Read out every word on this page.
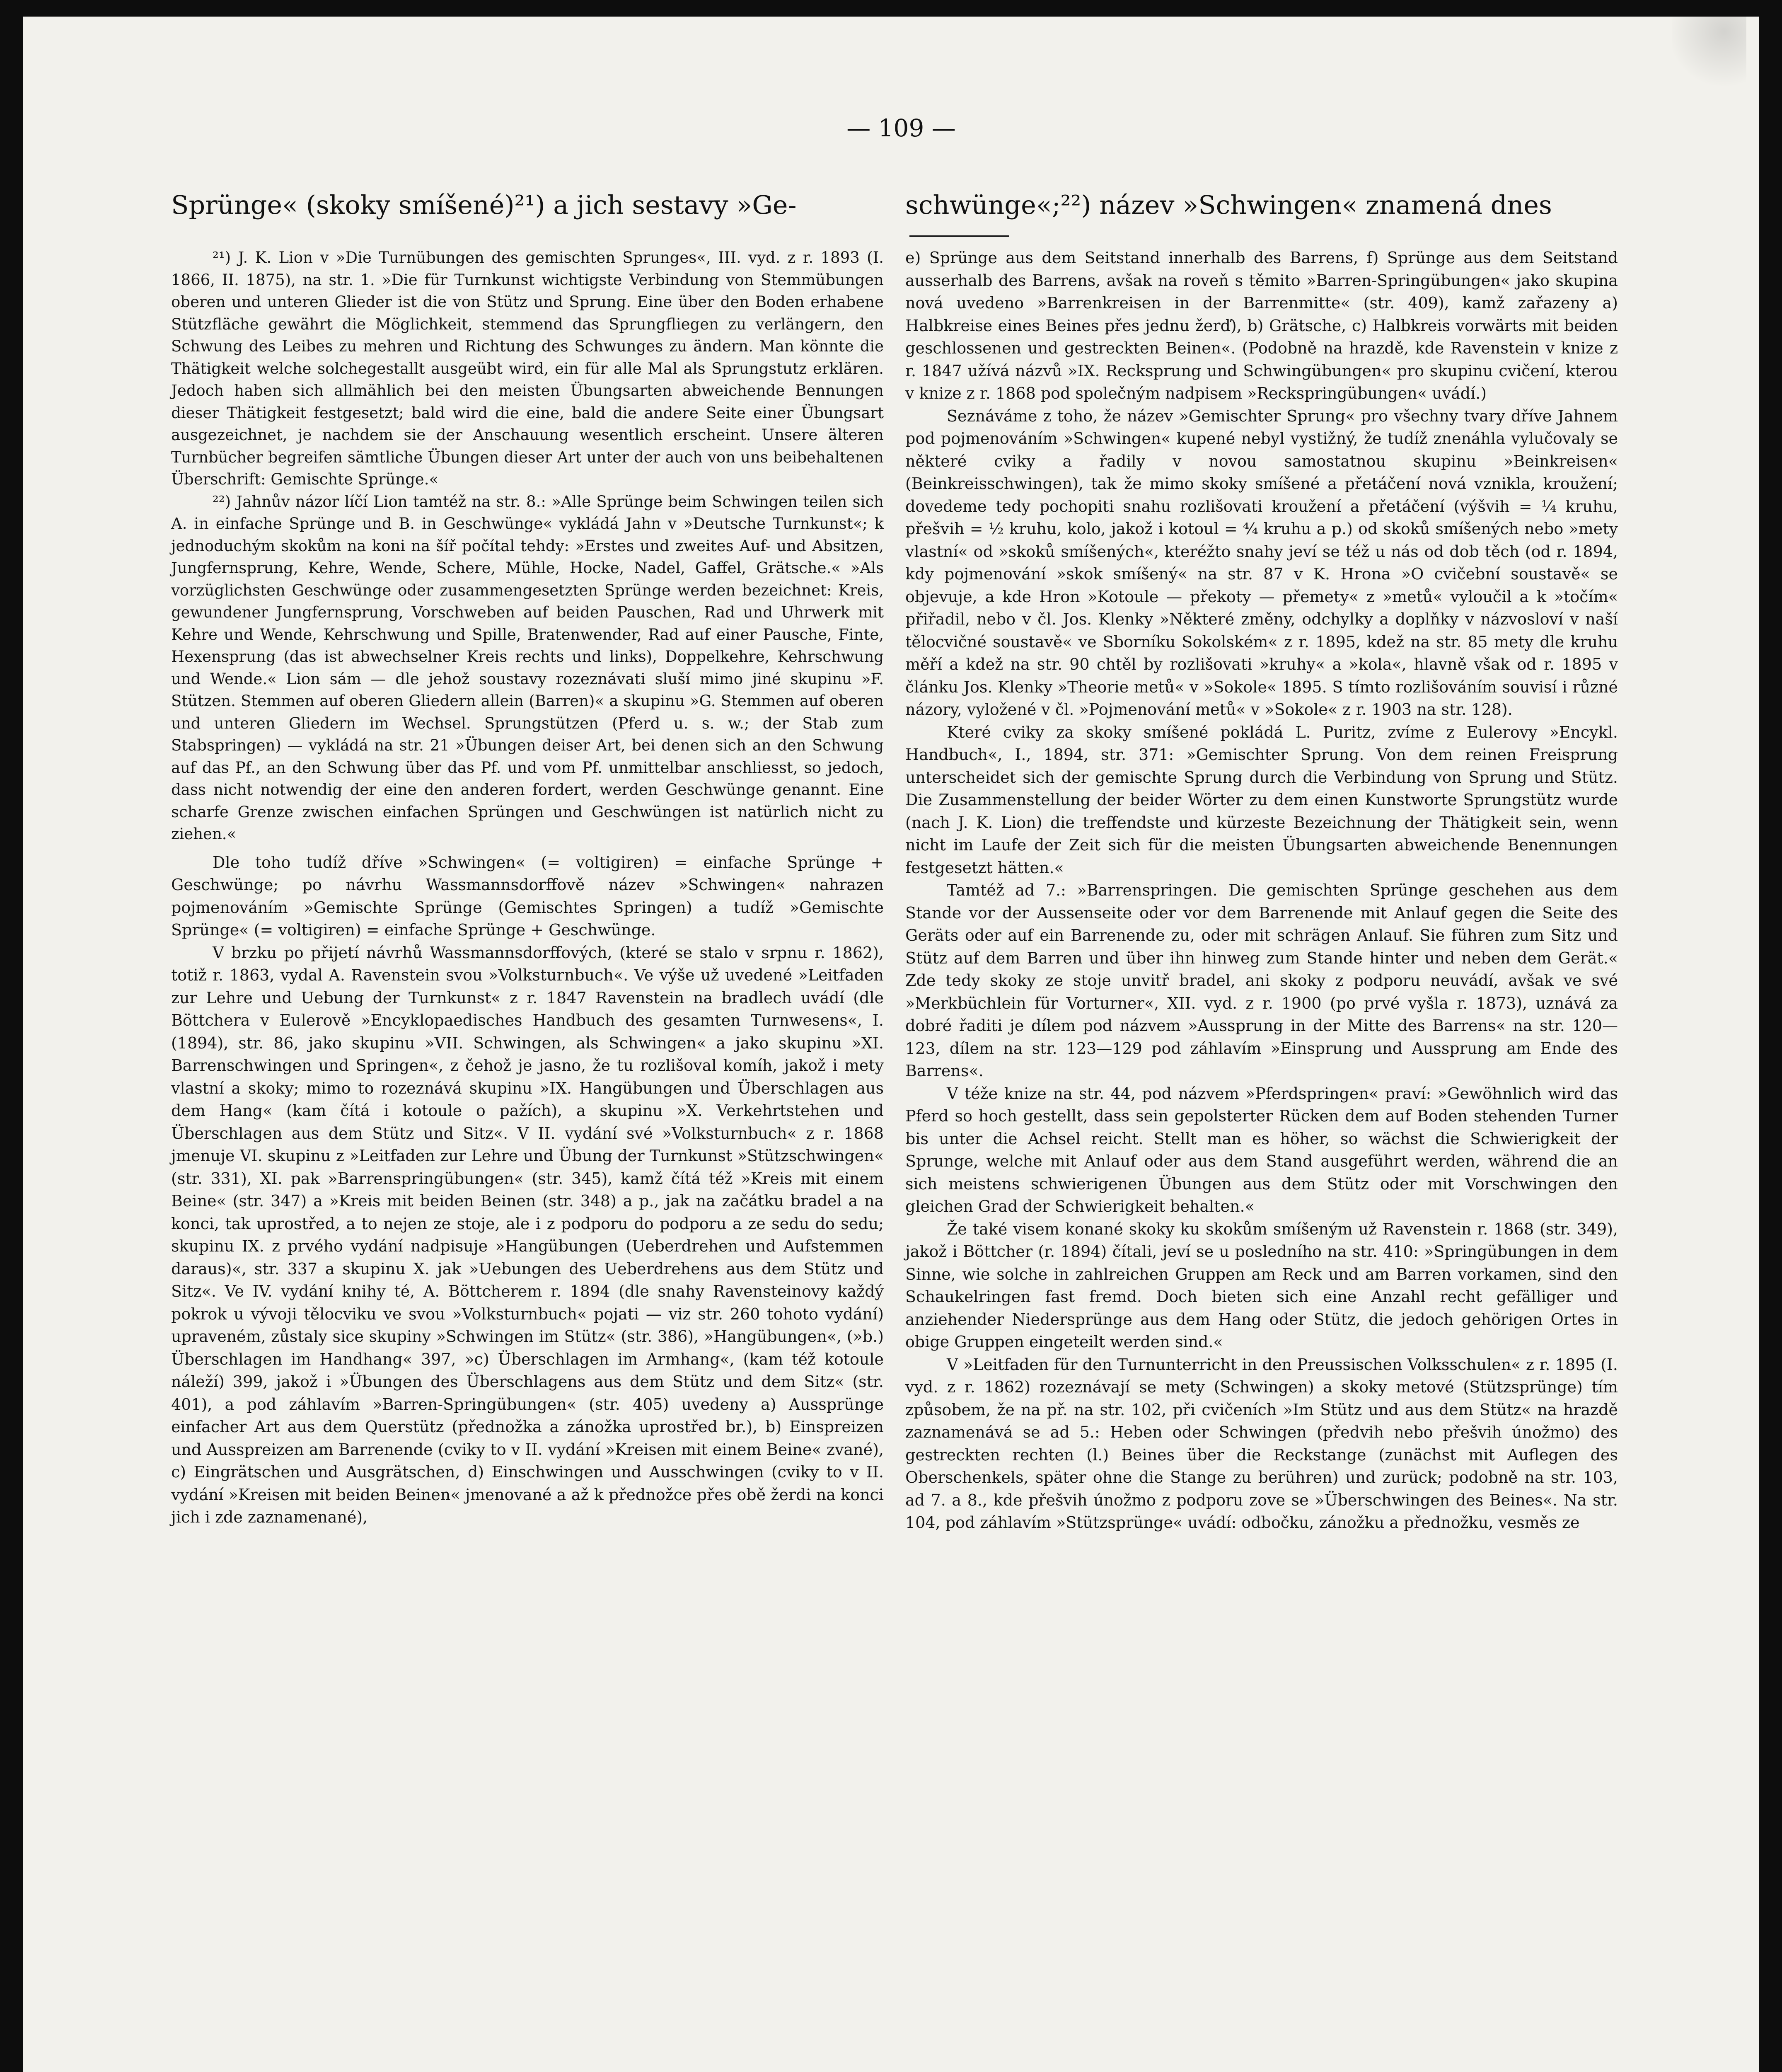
— 109 —
Sprünge« (skoky smíšené)²¹) a jich sestavy »Ge-	schwünge«;²²) název »Schwingen« znamená dnes

²¹) J. K. Lion v »Die Turnübungen des gemischten Sprunges«, III. vyd. z r. 1893 (I. 1866, II. 1875), na str. 1. »Die für Turnkunst wichtigste Verbindung von Stemmübungen oberen und unteren Glieder ist die von Stütz und Sprung. Eine über den Boden erhabene Stützfläche gewährt die Möglichkeit, stemmend das Sprungfliegen zu verlängern, den Schwung des Leibes zu mehren und Richtung des Schwunges zu ändern. Man könnte die Thätigkeit welche solchegestallt ausgeübt wird, ein für alle Mal als Sprungstutz erklären. Jedoch haben sich allmählich bei den meisten Übungsarten abweichende Bennungen dieser Thätigkeit festgesetzt; bald wird die eine, bald die andere Seite einer Übungsart ausgezeichnet, je nachdem sie der Anschauung wesentlich erscheint. Unsere älteren Turnbücher begreifen sämtliche Übungen dieser Art unter der auch von uns beibehaltenen Überschrift: Gemischte Sprünge.«

²²) Jahnův názor líčí Lion tamtéž na str. 8.: »Alle Sprünge beim Schwingen teilen sich A. in einfache Sprünge und B. in Geschwünge« vykládá Jahn v »Deutsche Turnkunst«; k jednoduchým skokům na koni na šíř počítal tehdy: »Erstes und zweites Auf- und Absitzen, Jungfernsprung, Kehre, Wende, Schere, Mühle, Hocke, Nadel, Gaffel, Grätsche.« »Als vorzüglichsten Geschwünge oder zusammengesetzten Sprünge werden bezeichnet: Kreis, gewundener Jungfernsprung, Vorschweben auf beiden Pauschen, Rad und Uhrwerk mit Kehre und Wende, Kehrschwung und Spille, Bratenwender, Rad auf einer Pausche, Finte, Hexensprung (das ist abwechselner Kreis rechts und links), Doppelkehre, Kehrschwung und Wende.« Lion sám — dle jehož soustavy rozeznávati sluší mimo jiné skupinu »F. Stützen. Stemmen auf oberen Gliedern allein (Barren)« a skupinu »G. Stemmen auf oberen und unteren Gliedern im Wechsel. Sprungstützen (Pferd u. s. w.; der Stab zum Stabspringen) — vykládá na str. 21 »Übungen deiser Art, bei denen sich an den Schwung auf das Pf., an den Schwung über das Pf. und vom Pf. unmittelbar anschliesst, so jedoch, dass nicht notwendig der eine den anderen fordert, werden Geschwünge genannt. Eine scharfe Grenze zwischen einfachen Sprüngen und Geschwüngen ist natürlich nicht zu ziehen.«

Dle toho tudíž dříve »Schwingen« (= voltigiren) = einfache Sprünge + Geschwünge; po návrhu Wassmannsdorffově název »Schwingen« nahrazen pojmenováním »Gemischte Sprünge (Gemischtes Springen) a tudíž »Gemischte Sprünge« (= voltigiren) = einfache Sprünge + Geschwünge.

V brzku po přijetí návrhů Wassmannsdorffových, (které se stalo v srpnu r. 1862), totiž r. 1863, vydal A. Ravenstein svou »Volksturnbuch«. Ve výše už uvedené »Leitfaden zur Lehre und Uebung der Turnkunst« z r. 1847 Ravenstein na bradlech uvádí (dle Böttchera v Eulerově »Encyklopaedisches Handbuch des gesamten Turnwesens«, I. (1894), str. 86, jako skupinu »VII. Schwingen, als Schwingen« a jako skupinu »XI. Barrenschwingen und Springen«, z čehož je jasno, že tu rozlišoval komíh, jakož i mety vlastní a skoky; mimo to rozeznává skupinu »IX. Hangübungen und Überschlagen aus dem Hang« (kam čítá i kotoule o pažích), a skupinu »X. Verkehrtstehen und Überschlagen aus dem Stütz und Sitz«. V II. vydání své »Volksturnbuch« z r. 1868 jmenuje VI. skupinu z »Leitfaden zur Lehre und Übung der Turnkunst »Stützschwingen« (str. 331), XI. pak »Barrenspringübungen« (str. 345), kamž čítá též »Kreis mit einem Beine« (str. 347) a »Kreis mit beiden Beinen (str. 348) a p., jak na začátku bradel a na konci, tak uprostřed, a to nejen ze stoje, ale i z podporu do podporu a ze sedu do sedu; skupinu IX. z prvého vydání nadpisuje »Hangübungen (Ueberdrehen und Aufstemmen daraus)«, str. 337 a skupinu X. jak »Uebungen des Ueberdrehens aus dem Stütz und Sitz«. Ve IV. vydání knihy té, A. Böttcherem r. 1894 (dle snahy Ravensteinovy každý pokrok u vývoji tělocviku ve svou »Volksturnbuch« pojati — viz str. 260 tohoto vydání) upraveném, zůstaly sice skupiny »Schwingen im Stütz« (str. 386), »Hangübungen«, (»b.) Überschlagen im Handhang« 397, »c) Überschlagen im Armhang«, (kam též kotoule náleží) 399, jakož i »Übungen des Überschlagens aus dem Stütz und dem Sitz« (str. 401), a pod záhlavím »Barren-Springübungen« (str. 405) uvedeny a) Aussprünge einfacher Art aus dem Querstütz (přednožka a zánožka uprostřed br.), b) Einspreizen und Ausspreizen am Barrenende (cviky to v II. vydání »Kreisen mit einem Beine« zvané), c) Eingrätschen und Ausgrätschen, d) Einschwingen und Ausschwingen (cviky to v II. vydání »Kreisen mit beiden Beinen« jmenované a až k přednožce přes obě žerdi na konci jich i zde zaznamenané),

e) Sprünge aus dem Seitstand innerhalb des Barrens, f) Sprünge aus dem Seitstand ausserhalb des Barrens, avšak na roveň s těmito »Barren-Springübungen« jako skupina nová uvedeno »Barrenkreisen in der Barrenmitte« (str. 409), kamž zařazeny a) Halbkreise eines Beines přes jednu žerď), b) Grätsche, c) Halbkreis vorwärts mit beiden geschlossenen und gestreckten Beinen«. (Podobně na hrazdě, kde Ravenstein v knize z r. 1847 užívá názvů »IX. Recksprung und Schwingübungen« pro skupinu cvičení, kterou v knize z r. 1868 pod společným nadpisem »Reckspringübungen« uvádí.)

Seznáváme z toho, že název »Gemischter Sprung« pro všechny tvary dříve Jahnem pod pojmenováním »Schwingen« kupené nebyl vystižný, že tudíž znenáhla vylučovaly se některé cviky a řadily v novou samostatnou skupinu »Beinkreisen« (Beinkreisschwingen), tak že mimo skoky smíšené a přetáčení nová vznikla, kroužení; dovedeme tedy pochopiti snahu rozlišovati kroužení a přetáčení (výšvih = ¼ kruhu, přešvih = ½ kruhu, kolo, jakož i kotoul = ⁴⁄₄ kruhu a p.) od skoků smíšených nebo »mety vlastní« od »skoků smíšených«, kteréžto snahy jeví se též u nás od dob těch (od r. 1894, kdy pojmenování »skok smíšený« na str. 87 v K. Hrona »O cvičební soustavě« se objevuje, a kde Hron »Kotoule — překoty — přemety« z »metů« vyloučil a k »točím« přiřadil, nebo v čl. Jos. Klenky »Některé změny, odchylky a doplňky v názvosloví v naší tělocvičné soustavě« ve Sborníku Sokolském« z r. 1895, kdež na str. 85 mety dle kruhu měří a kdež na str. 90 chtěl by rozlišovati »kruhy« a »kola«, hlavně však od r. 1895 v článku Jos. Klenky »Theorie metů« v »Sokole« 1895. S tímto rozlišováním souvisí i různé názory, vyložené v čl. »Pojmenování metů« v »Sokole« z r. 1903 na str. 128).

Které cviky za skoky smíšené pokládá L. Puritz, zvíme z Eulerovy »Encykl. Handbuch«, I., 1894, str. 371: »Gemischter Sprung. Von dem reinen Freisprung unterscheidet sich der gemischte Sprung durch die Verbindung von Sprung und Stütz. Die Zusammenstellung der beider Wörter zu dem einen Kunstworte Sprungstütz wurde (nach J. K. Lion) die treffendste und kürzeste Bezeichnung der Thätigkeit sein, wenn nicht im Laufe der Zeit sich für die meisten Übungsarten abweichende Benennungen festgesetzt hätten.«

Tamtéž ad 7.: »Barrenspringen. Die gemischten Sprünge geschehen aus dem Stande vor der Aussenseite oder vor dem Barrenende mit Anlauf gegen die Seite des Geräts oder auf ein Barrenende zu, oder mit schrägen Anlauf. Sie führen zum Sitz und Stütz auf dem Barren und über ihn hinweg zum Stande hinter und neben dem Gerät.« Zde tedy skoky ze stoje unvitř bradel, ani skoky z podporu neuvádí, avšak ve své »Merkbüchlein für Vorturner«, XII. vyd. z r. 1900 (po prvé vyšla r. 1873), uznává za dobré řaditi je dílem pod názvem »Aussprung in der Mitte des Barrens« na str. 120—123, dílem na str. 123—129 pod záhlavím »Einsprung und Aussprung am Ende des Barrens«.

V téže knize na str. 44, pod názvem »Pferdspringen« praví: »Gewöhnlich wird das Pferd so hoch gestellt, dass sein gepolsterter Rücken dem auf Boden stehenden Turner bis unter die Achsel reicht. Stellt man es höher, so wächst die Schwierigkeit der Sprunge, welche mit Anlauf oder aus dem Stand ausgeführt werden, während die an sich meistens schwierigenen Übungen aus dem Stütz oder mit Vorschwingen den gleichen Grad der Schwierigkeit behalten.«

Že také visem konané skoky ku skokům smíšeným už Ravenstein r. 1868 (str. 349), jakož i Böttcher (r. 1894) čítali, jeví se u posledního na str. 410: »Springübungen in dem Sinne, wie solche in zahlreichen Gruppen am Reck und am Barren vorkamen, sind den Schaukelringen fast fremd. Doch bieten sich eine Anzahl recht gefälliger und anziehender Niedersprünge aus dem Hang oder Stütz, die jedoch gehörigen Ortes in obige Gruppen eingeteilt werden sind.«

V »Leitfaden für den Turnunterricht in den Preussischen Volksschulen« z r. 1895 (I. vyd. z r. 1862) rozeznávají se mety (Schwingen) a skoky metové (Stützsprünge) tím způsobem, že na př. na str. 102, při cvičeních »Im Stütz und aus dem Stütz« na hrazdě zaznamenává se ad 5.: Heben oder Schwingen (předvih nebo přešvih únožmo) des gestreckten rechten (l.) Beines über die Reckstange (zunächst mit Auflegen des Oberschenkels, später ohne die Stange zu berühren) und zurück; podobně na str. 103, ad 7. a 8., kde přešvih únožmo z podporu zove se »Überschwingen des Beines«. Na str. 104, pod záhlavím »Stützsprünge« uvádí: odbočku, zánožku a přednožku, vesměs ze
